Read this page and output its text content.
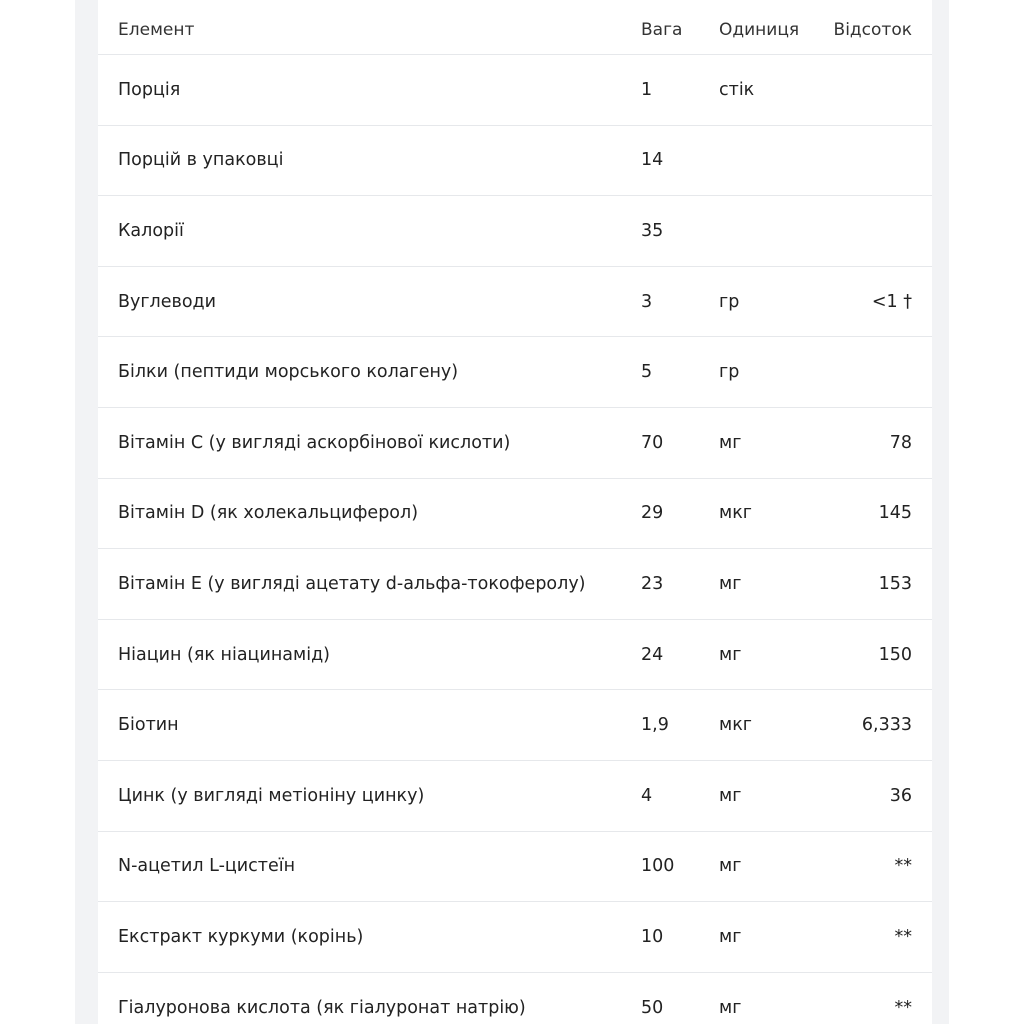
Елемент	Вага Одиниця Відсоток
Порція	1	стік
Порцій в упаковці	14
Калорії	35
Вуглеводи	3	гр	<1 †
Білки (пептиди морського колагену)	5	гр
Вітамін С (у вигляді аскорбінової кислоти)	70	мг	78
Вітамін D (як холекальциферол)	29	мкг	145
Вітамін Е (у вигляді ацетату d-альфа-токоферолу)	23	мг	153
Ніацин (як ніацинамід)	24	мг	150
Біотин	1,9	мкг	6,333
Цинк (у вигляді метіоніну цинку)	4	мг	36
N-ацетил L-цистеїн	100	мг	**
Екстракт куркуми (корінь)	10	мг	**
Гіалуронова кислота (як гіалуронат натрію)	50	мг	**
